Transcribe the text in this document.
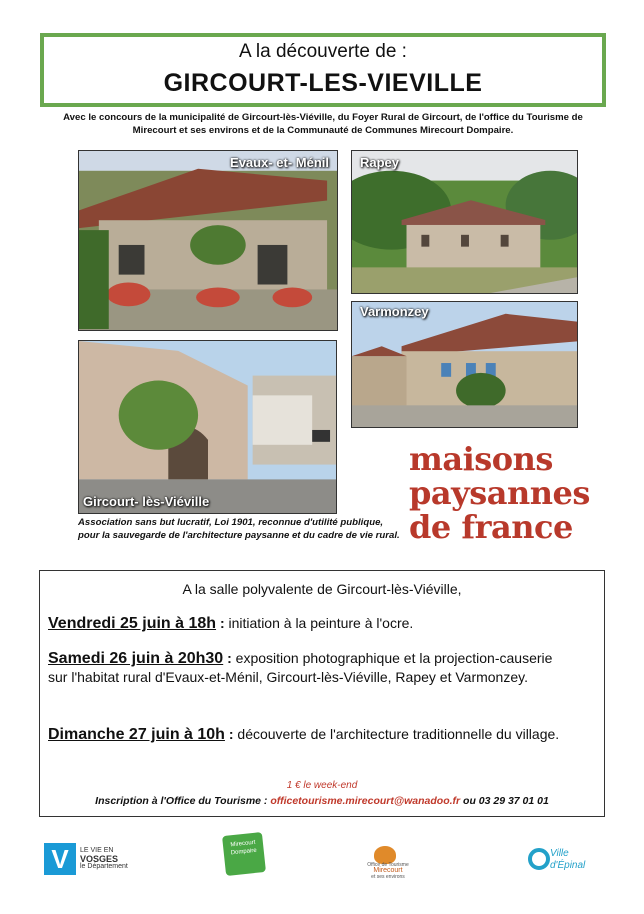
A la découverte de :
GIRCOURT-LES-VIEVILLE
Avec le concours de la municipalité de Gircourt-lès-Viéville, du Foyer Rural de Gircourt, de l'office du Tourisme de Mirecourt et ses environs et de la Communauté de Communes Mirecourt Dompaire.
Evaux- et- Ménil Rapey
Varmonzey
Gircourt- lès-Viéville
Association sans but lucratif, Loi 1901, reconnue d'utilité publique,
pour la sauvegarde de l'architecture paysanne et du cadre de vie rural.
maisons
paysannes
de france
A la salle polyvalente de Gircourt-lès-Viéville,
Vendredi 25 juin à 18h : initiation à la peinture à l'ocre.
Samedi 26 juin à 20h30 : exposition photographique et la projection-causerie sur l'habitat rural d'Evaux-et-Ménil, Gircourt-lès-Viéville, Rapey et Varmonzey.
Dimanche 27 juin à 10h : découverte de l'architecture traditionnelle du village.
1 € le week-end
Inscription à l'Office du Tourisme : officetourisme.mirecourt@wanadoo.fr ou 03 29 37 01 01
V	LE VIE EN
VOSGES
le Département
Mirecourt Dompaire
Office de Tourisme
Mirecourt
et ses environs
Ville
d'Épinal
